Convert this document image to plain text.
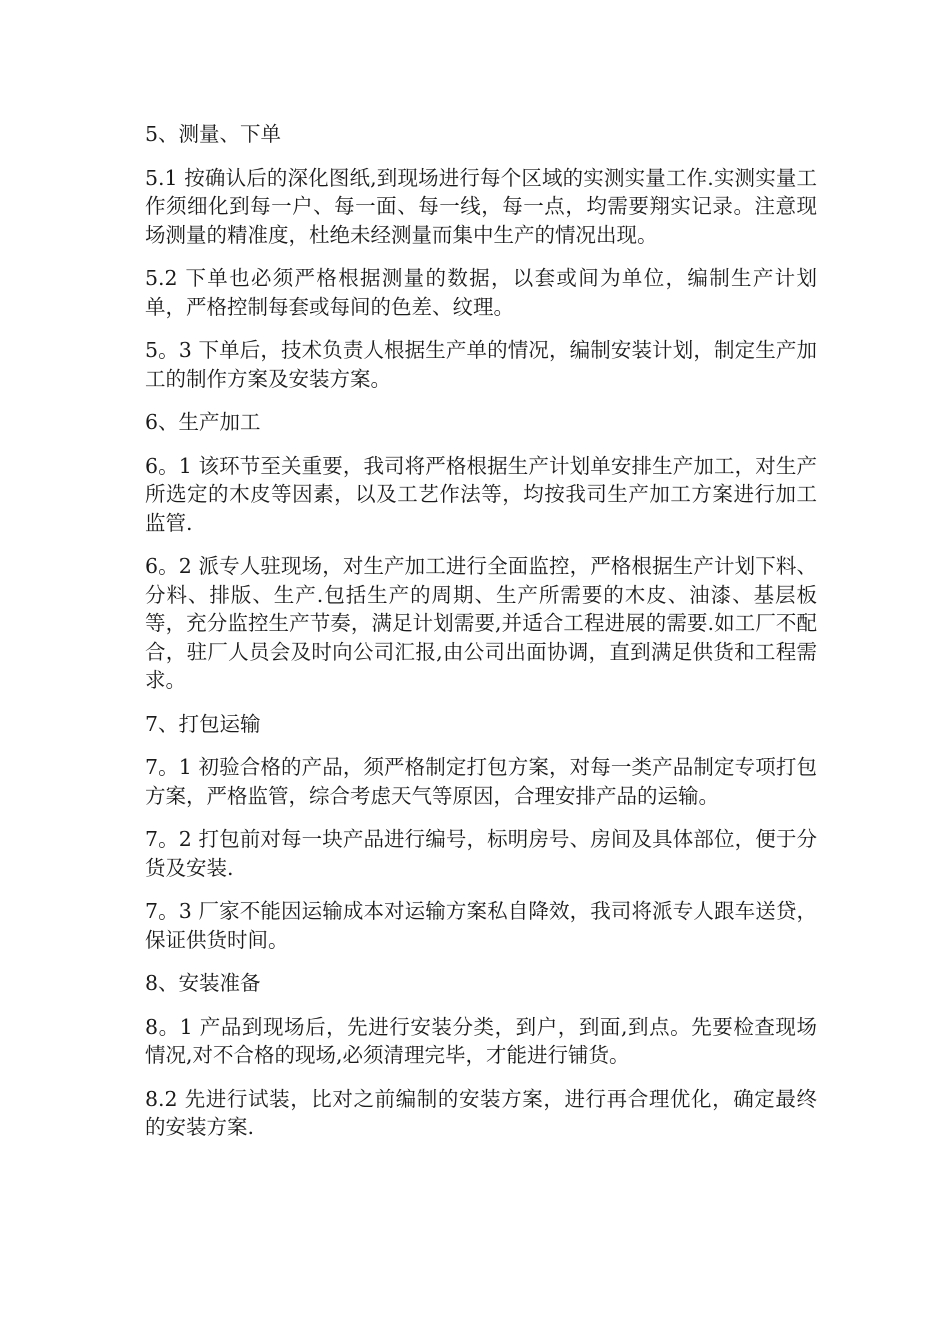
5、测量、下单

5.1 按确认后的深化图纸,到现场进行每个区域的实测实量工作.实测实量工作须细化到每一户、每一面、每一线，每一点，均需要翔实记录。注意现场测量的精准度，杜绝未经测量而集中生产的情况出现。

5.2 下单也必须严格根据测量的数据，以套或间为单位，编制生产计划单，严格控制每套或每间的色差、纹理。

5。3 下单后，技术负责人根据生产单的情况，编制安装计划，制定生产加工的制作方案及安装方案。

6、生产加工

6。1 该环节至关重要，我司将严格根据生产计划单安排生产加工，对生产所选定的木皮等因素，以及工艺作法等，均按我司生产加工方案进行加工监管.

6。2 派专人驻现场，对生产加工进行全面监控，严格根据生产计划下料、分料、排版、生产.包括生产的周期、生产所需要的木皮、油漆、基层板等，充分监控生产节奏，满足计划需要,并适合工程进展的需要.如工厂不配合，驻厂人员会及时向公司汇报,由公司出面协调，直到满足供货和工程需求。

7、打包运输

7。1 初验合格的产品，须严格制定打包方案，对每一类产品制定专项打包方案，严格监管，综合考虑天气等原因，合理安排产品的运输。

7。2 打包前对每一块产品进行编号，标明房号、房间及具体部位，便于分货及安装.

7。3 厂家不能因运输成本对运输方案私自降效，我司将派专人跟车送贷，保证供货时间。

8、安装准备

8。1 产品到现场后，先进行安装分类，到户，到面,到点。先要检查现场情况,对不合格的现场,必须清理完毕，才能进行铺货。

8.2 先进行试装，比对之前编制的安装方案，进行再合理优化，确定最终的安装方案.
